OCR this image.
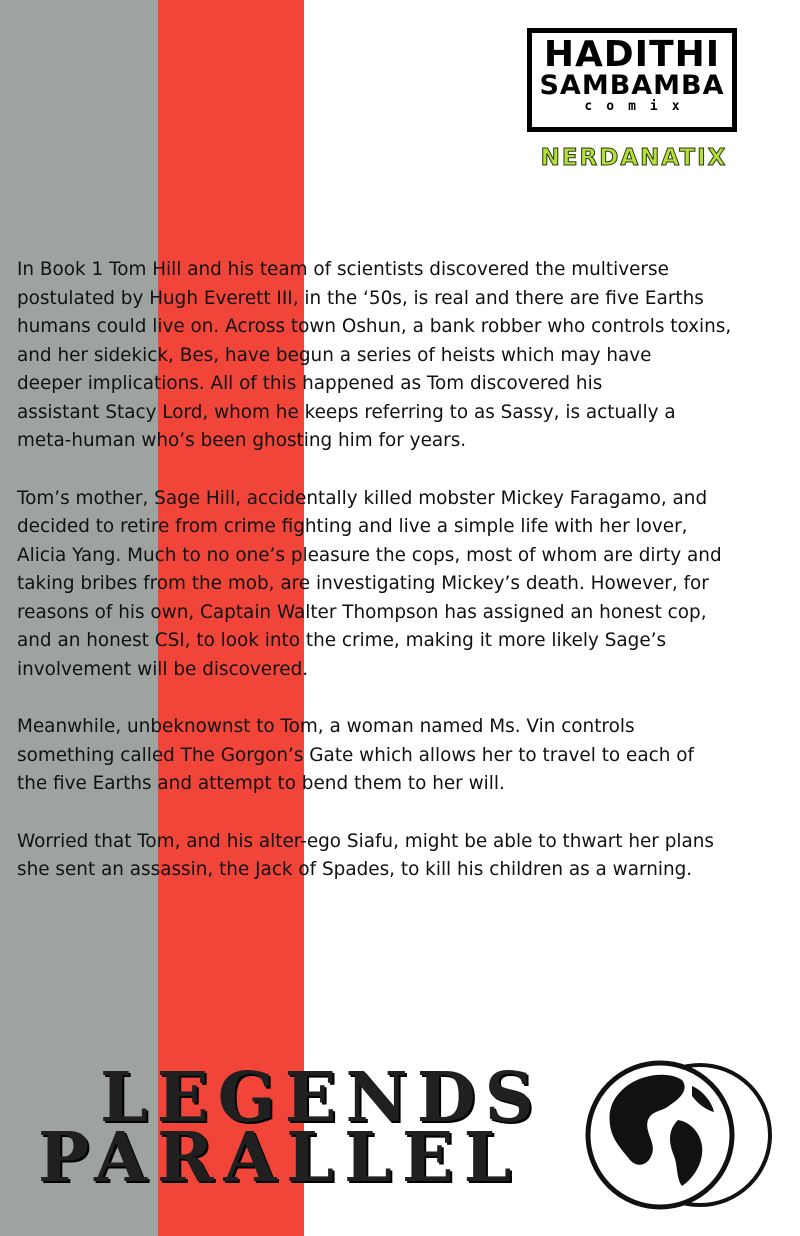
HADITHI
SAMBAMBA
comix
NERDANATIX

In Book 1 Tom Hill and his team of scientists discovered the multiverse
postulated by Hugh Everett III, in the ‘50s, is real and there are five Earths
humans could live on. Across town Oshun, a bank robber who controls toxins,
and her sidekick, Bes, have begun a series of heists which may have
deeper implications. All of this happened as Tom discovered his
assistant Stacy Lord, whom he keeps referring to as Sassy, is actually a
meta-human who’s been ghosting him for years.

Tom’s mother, Sage Hill, accidentally killed mobster Mickey Faragamo, and
decided to retire from crime fighting and live a simple life with her lover,
Alicia Yang. Much to no one’s pleasure the cops, most of whom are dirty and
taking bribes from the mob, are investigating Mickey’s death. However, for
reasons of his own, Captain Walter Thompson has assigned an honest cop,
and an honest CSI, to look into the crime, making it more likely Sage’s
involvement will be discovered.

Meanwhile, unbeknownst to Tom, a woman named Ms. Vin controls
something called The Gorgon’s Gate which allows her to travel to each of
the five Earths and attempt to bend them to her will.

Worried that Tom, and his alter-ego Siafu, might be able to thwart her plans
she sent an assassin, the Jack of Spades, to kill his children as a warning.

LEGENDS
PARALLEL
